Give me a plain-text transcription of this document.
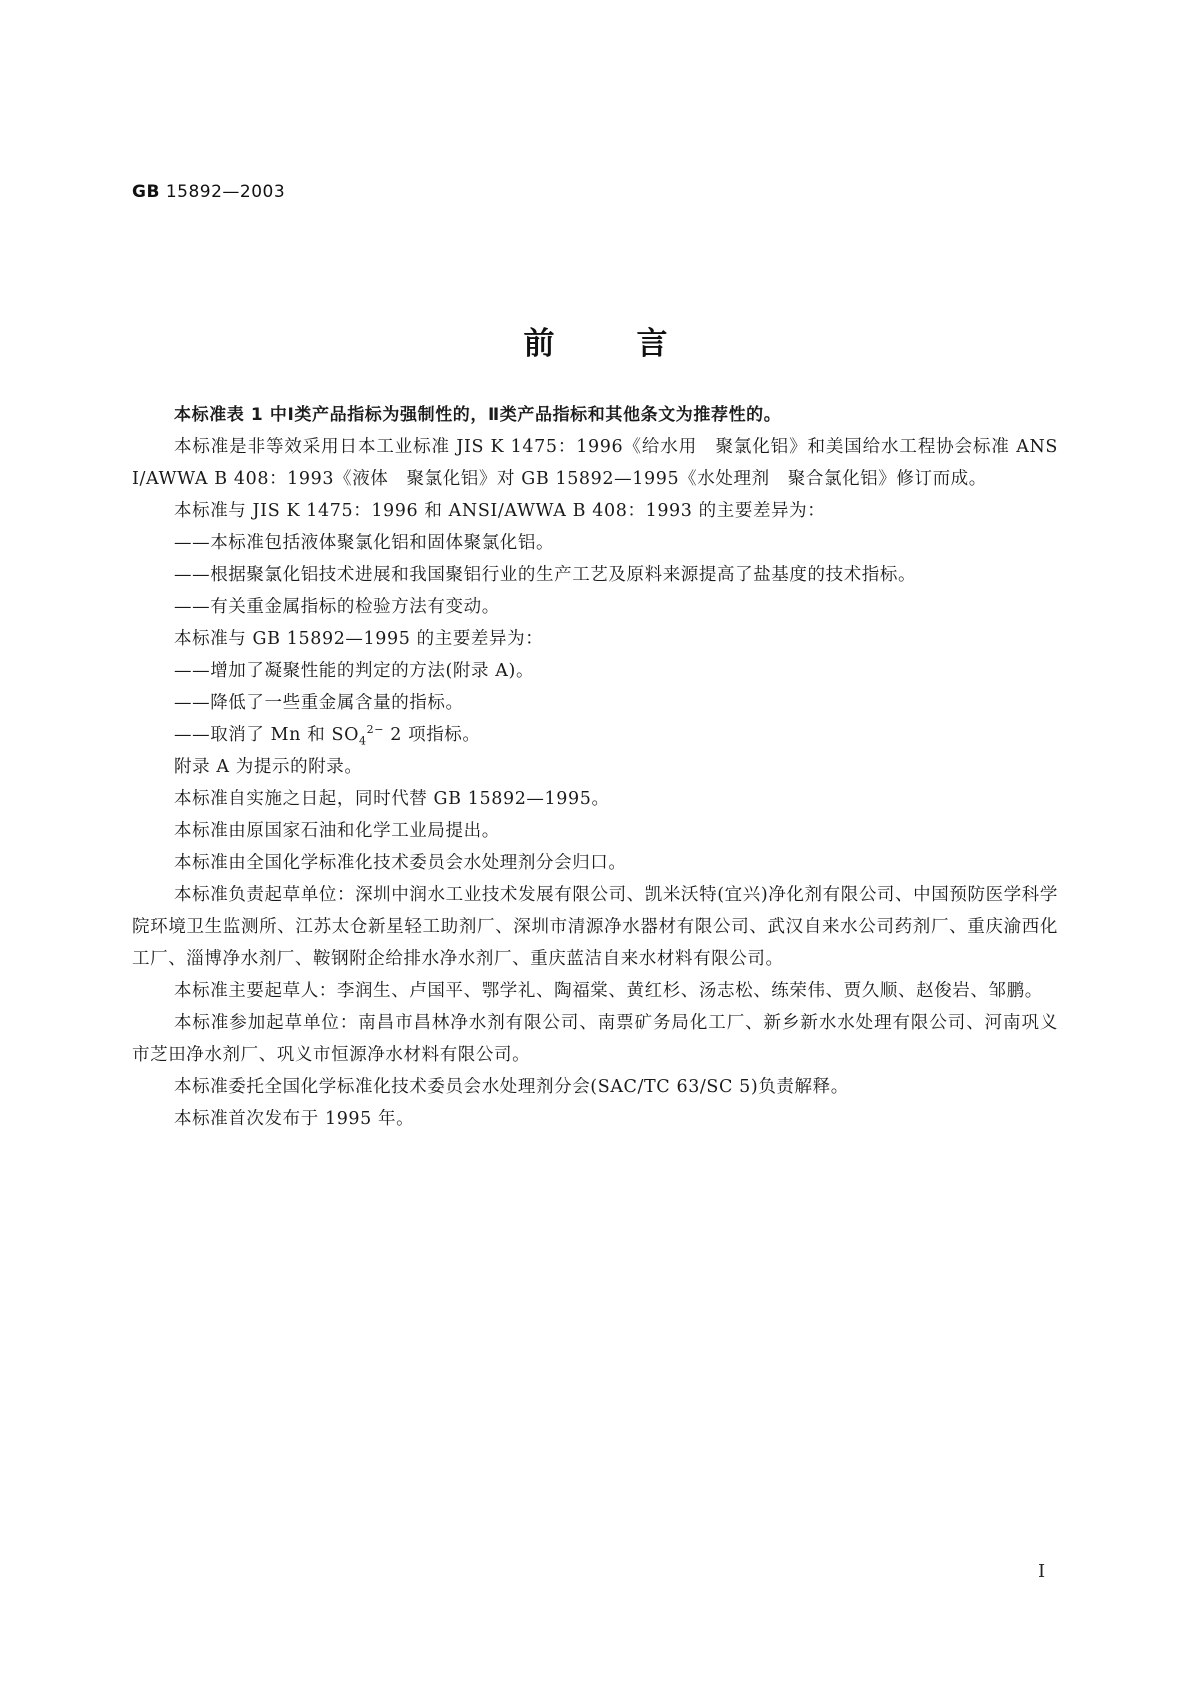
GB 15892—2003
前言

本标准表 1 中Ⅰ类产品指标为强制性的，Ⅱ类产品指标和其他条文为推荐性的。

本标准是非等效采用日本工业标准 JIS K 1475：1996《给水用　聚氯化铝》和美国给水工程协会标准 ANSI/AWWA B 408：1993《液体　聚氯化铝》对 GB 15892—1995《水处理剂　聚合氯化铝》修订而成。

本标准与 JIS K 1475：1996 和 ANSI/AWWA B 408：1993 的主要差异为：

——本标准包括液体聚氯化铝和固体聚氯化铝。

——根据聚氯化铝技术进展和我国聚铝行业的生产工艺及原料来源提高了盐基度的技术指标。

——有关重金属指标的检验方法有变动。

本标准与 GB 15892—1995 的主要差异为：

——增加了凝聚性能的判定的方法(附录 A)。

——降低了一些重金属含量的指标。

——取消了 Mn 和 $SO_4^{2-}$ 2 项指标。

附录 A 为提示的附录。

本标准自实施之日起，同时代替 GB 15892—1995。

本标准由原国家石油和化学工业局提出。

本标准由全国化学标准化技术委员会水处理剂分会归口。

本标准负责起草单位：深圳中润水工业技术发展有限公司、凯米沃特(宜兴)净化剂有限公司、中国预防医学科学院环境卫生监测所、江苏太仓新星轻工助剂厂、深圳市清源净水器材有限公司、武汉自来水公司药剂厂、重庆渝西化工厂、淄博净水剂厂、鞍钢附企给排水净水剂厂、重庆蓝洁自来水材料有限公司。

本标准主要起草人：李润生、卢国平、鄂学礼、陶福棠、黄红杉、汤志松、练荣伟、贾久顺、赵俊岩、邹鹏。

本标准参加起草单位：南昌市昌林净水剂有限公司、南票矿务局化工厂、新乡新水水处理有限公司、河南巩义市芝田净水剂厂、巩义市恒源净水材料有限公司。

本标准委托全国化学标准化技术委员会水处理剂分会(SAC/TC 63/SC 5)负责解释。

本标准首次发布于 1995 年。

I
